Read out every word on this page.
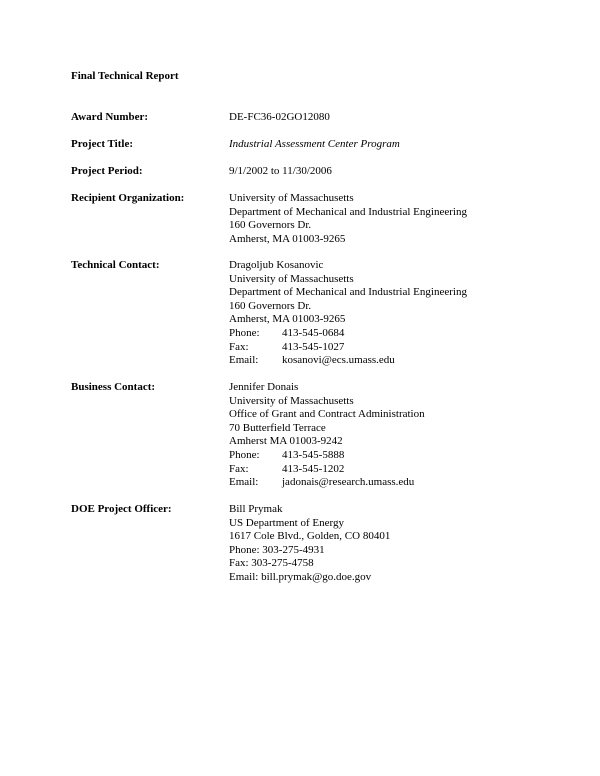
Final Technical Report
Award Number:	DE-FC36-02GO12080
Project Title:	Industrial Assessment Center Program
Project Period:	9/1/2002 to 11/30/2006
Recipient Organization:	University of Massachusetts
Department of Mechanical and Industrial Engineering
160 Governors Dr.
Amherst, MA 01003-9265
Technical Contact:	Dragoljub Kosanovic
University of Massachusetts
Department of Mechanical and Industrial Engineering
160 Governors Dr.
Amherst, MA 01003-9265
Phone: 413-545-0684
Fax:	413-545-1027
Email: kosanovi@ecs.umass.edu
Business Contact:	Jennifer Donais
University of Massachusetts
Office of Grant and Contract Administration
70 Butterfield Terrace
Amherst MA 01003-9242
Phone: 413-545-5888
Fax:	413-545-1202
Email: jadonais@research.umass.edu
DOE Project Officer:	Bill Prymak
US Department of Energy
1617 Cole Blvd., Golden, CO 80401
Phone: 303-275-4931
Fax: 303-275-4758
Email: bill.prymak@go.doe.gov
